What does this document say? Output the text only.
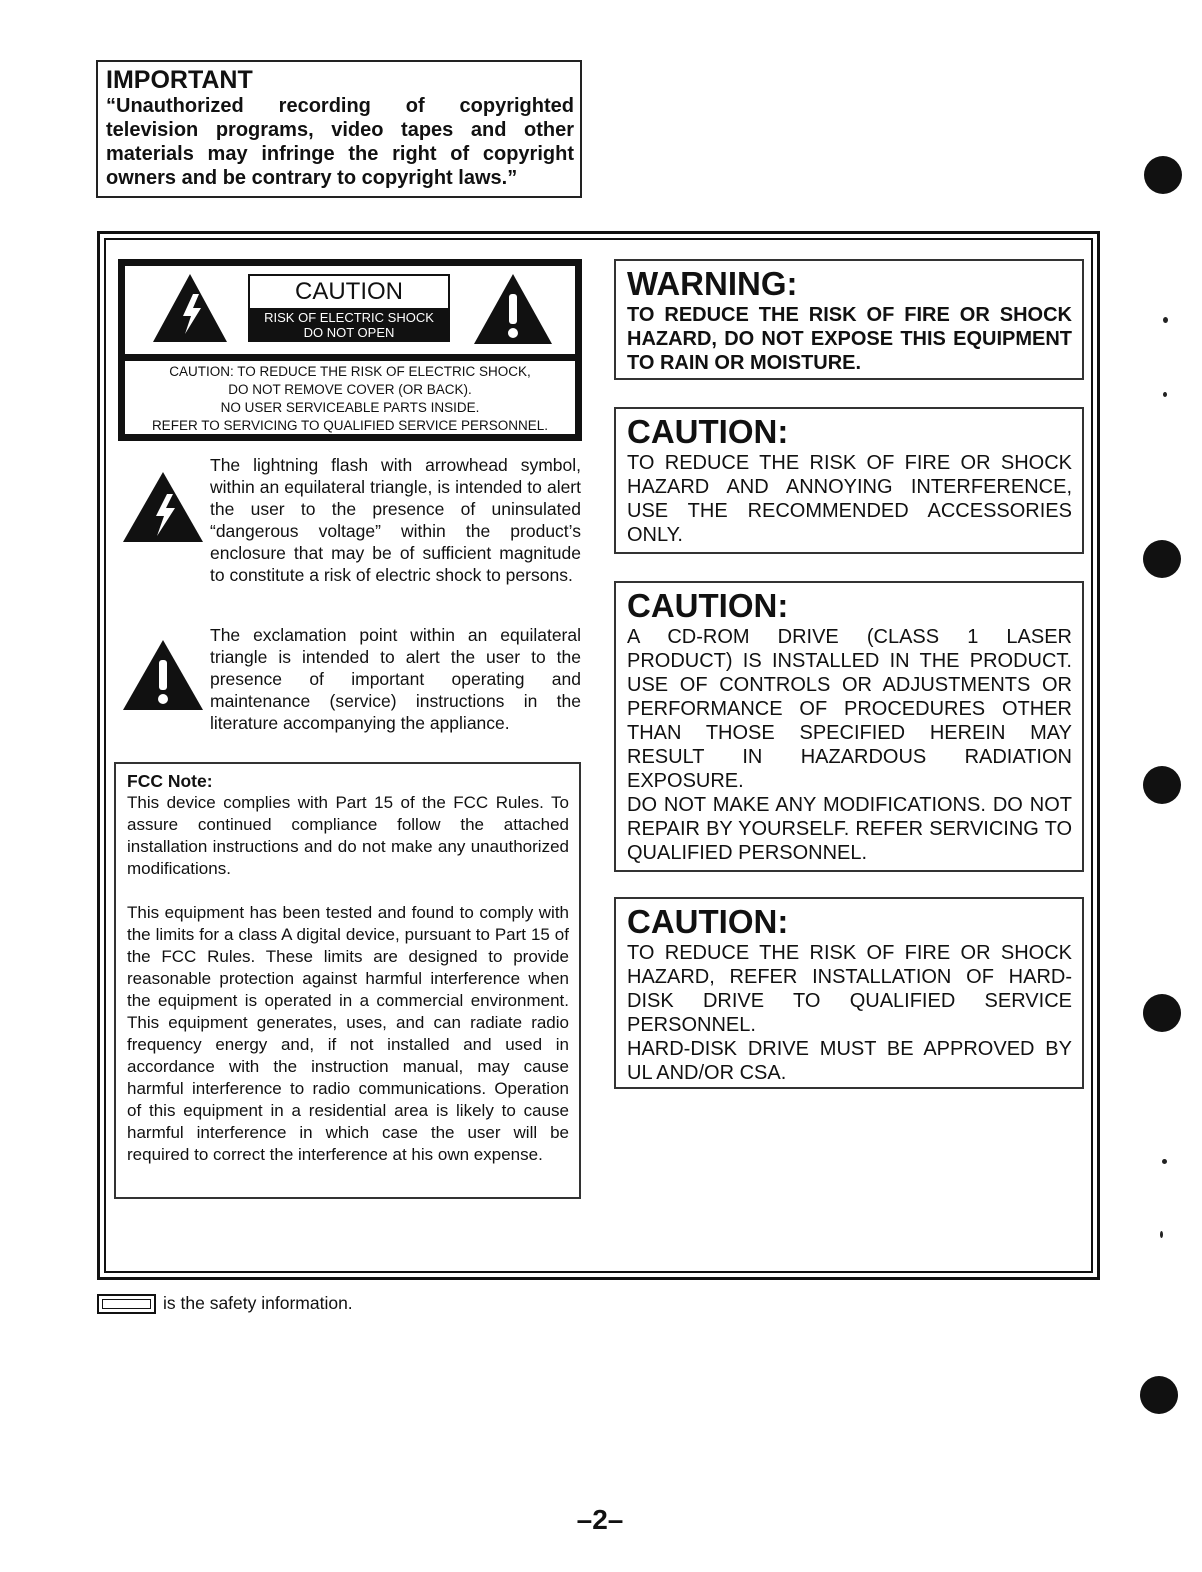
IMPORTANT
“Unauthorized recording of copyrighted television programs, video tapes and other materials may infringe the right of copyright owners and be contrary to copyright laws.”
CAUTION
RISK OF ELECTRIC SHOCK
DO NOT OPEN
CAUTION: TO REDUCE THE RISK OF ELECTRIC SHOCK,
DO NOT REMOVE COVER (OR BACK).
NO USER SERVICEABLE PARTS INSIDE.
REFER TO SERVICING TO QUALIFIED SERVICE PERSONNEL.
The lightning flash with arrowhead symbol, within an equilateral triangle, is intended to alert the user to the presence of uninsulated “dangerous voltage” within the product’s enclosure that may be of sufficient magnitude to constitute a risk of electric shock to persons.
The exclamation point within an equilateral triangle is intended to alert the user to the presence of important operating and maintenance (service) instructions in the literature accompanying the appliance.
FCC Note:
This device complies with Part 15 of the FCC Rules. To assure continued compliance follow the attached installation instructions and do not make any unauthorized modifications.
This equipment has been tested and found to comply with the limits for a class A digital device, pursuant to Part 15 of the FCC Rules. These limits are designed to provide reasonable protection against harmful interference when the equipment is operated in a commercial environment. This equipment generates, uses, and can radiate radio frequency energy and, if not installed and used in accordance with the instruction manual, may cause harmful interference to radio communications. Operation of this equipment in a residential area is likely to cause harmful interference in which case the user will be required to correct the interference at his own expense.
WARNING:
TO REDUCE THE RISK OF FIRE OR SHOCK HAZARD, DO NOT EXPOSE THIS EQUIPMENT TO RAIN OR MOISTURE.
CAUTION:
TO REDUCE THE RISK OF FIRE OR SHOCK HAZARD AND ANNOYING INTERFERENCE, USE THE RECOMMENDED ACCESSORIES ONLY.
CAUTION:
A CD-ROM DRIVE (CLASS 1 LASER
PRODUCT) IS INSTALLED IN THE PRODUCT. USE OF CONTROLS OR ADJUSTMENTS OR PERFORMANCE OF PROCEDURES OTHER THAN THOSE SPECIFIED HEREIN MAY RESULT IN HAZARDOUS RADIATION EXPOSURE.
DO NOT MAKE ANY MODIFICATIONS. DO NOT REPAIR BY YOURSELF. REFER SERVICING TO QUALIFIED PERSONNEL.
CAUTION:
TO REDUCE THE RISK OF FIRE OR SHOCK HAZARD, REFER INSTALLATION OF HARD-DISK DRIVE TO QUALIFIED SERVICE PERSONNEL.
HARD-DISK DRIVE MUST BE APPROVED BY UL AND/OR CSA.
is the safety information.
–2–
